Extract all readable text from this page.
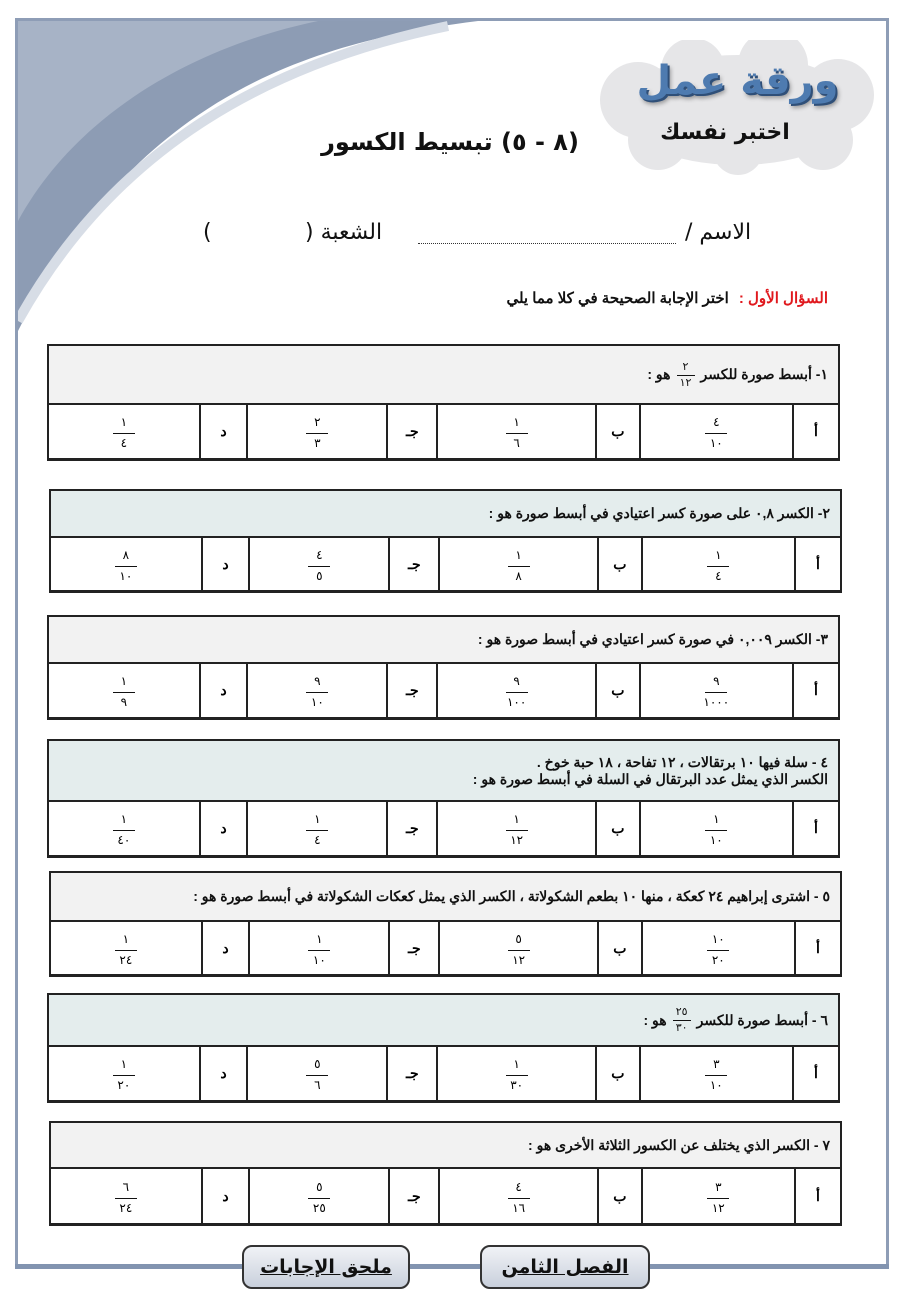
ورقة عمل
اختبر نفسك
(٨ - ٥) تبسيط الكسور
الاسم /
الشعبة (
)
السؤال الأول :اختر الإجابة الصحيحة في كلا مما يلي
١- أبسط صورة للكسر
$\frac{٢}{١٢}$
هو :
أ	
$\frac{٤}{١٠}$
	ب	
$\frac{١}{٦}$
	جـ	
$\frac{٢}{٣}$
	د	
$\frac{١}{٤}$
٢- الكسر ٠,٨ على صورة كسر اعتيادي في أبسط صورة هو :
أ	
$\frac{١}{٤}$
	ب	
$\frac{١}{٨}$
	جـ	
$\frac{٤}{٥}$
	د	
$\frac{٨}{١٠}$
٣- الكسر ٠,٠٠٩ في صورة كسر اعتيادي في أبسط صورة هو :
أ	
$\frac{٩}{١٠٠٠}$
	ب	
$\frac{٩}{١٠٠}$
	جـ	
$\frac{٩}{١٠}$
	د	
$\frac{١}{٩}$
٤ - سلة فيها ١٠ برتقالات ، ١٢ تفاحة ، ١٨ حبة خوخ .
الكسر الذي يمثل عدد البرتقال في السلة في أبسط صورة هو :
أ	
$\frac{١}{١٠}$
	ب	
$\frac{١}{١٢}$
	جـ	
$\frac{١}{٤}$
	د	
$\frac{١}{٤٠}$
٥ - اشترى إبراهيم ٢٤ كعكة ، منها ١٠ بطعم الشكولاتة ، الكسر الذي يمثل كعكات الشكولاتة في أبسط صورة هو :
أ	
$\frac{١٠}{٢٠}$
	ب	
$\frac{٥}{١٢}$
	جـ	
$\frac{١}{١٠}$
	د	
$\frac{١}{٢٤}$
٦ - أبسط صورة للكسر
$\frac{٢٥}{٣٠}$
هو :
أ	
$\frac{٣}{١٠}$
	ب	
$\frac{١}{٣٠}$
	جـ	
$\frac{٥}{٦}$
	د	
$\frac{١}{٢٠}$
٧ - الكسر الذي يختلف عن الكسور الثلاثة الأخرى هو :
أ	
$\frac{٣}{١٢}$
	ب	
$\frac{٤}{١٦}$
	جـ	
$\frac{٥}{٢٥}$
	د	
$\frac{٦}{٢٤}$
ملحق الإجابات	الفصل الثامن
